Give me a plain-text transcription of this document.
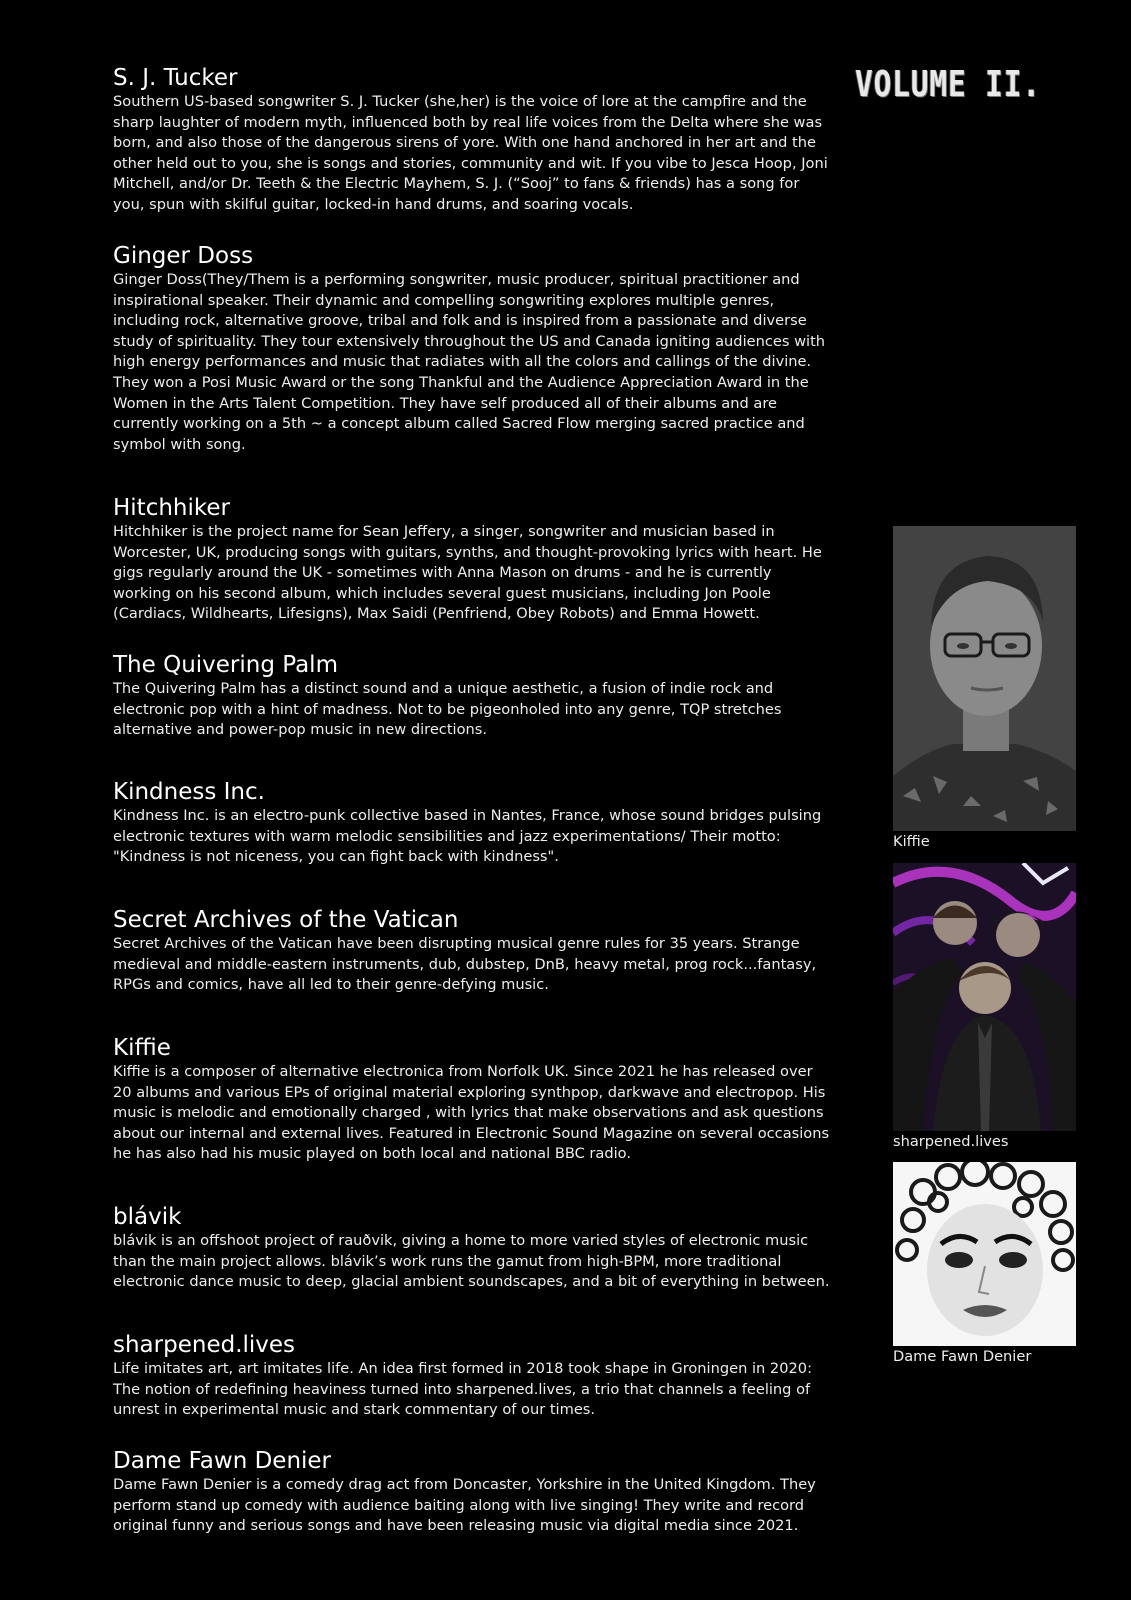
VOLUME II.
S. J. Tucker

Southern US-based songwriter S. J. Tucker (she,her) is the voice of lore at the campfire and the sharp laughter of modern myth, influenced both by real life voices from the Delta where she was born, and also those of the dangerous sirens of yore. With one hand anchored in her art and the other held out to you, she is songs and stories, community and wit. If you vibe to Jesca Hoop, Joni Mitchell, and/or Dr. Teeth & the Electric Mayhem, S. J. (“Sooj” to fans & friends) has a song for you, spun with skilful guitar, locked-in hand drums, and soaring vocals.

Ginger Doss

Ginger Doss(They/Them is a performing songwriter, music producer, spiritual practitioner and inspirational speaker. Their dynamic and compelling songwriting explores multiple genres, including rock, alternative groove, tribal and folk and is inspired from a passionate and diverse study of spirituality. They tour extensively throughout the US and Canada igniting audiences with high energy performances and music that radiates with all the colors and callings of the divine. They won a Posi Music Award or the song Thankful and the Audience Appreciation Award in the Women in the Arts Talent Competition. They have self produced all of their albums and are currently working on a 5th ~ a concept album called Sacred Flow merging sacred practice and symbol with song.

Hitchhiker

Hitchhiker is the project name for Sean Jeffery, a singer, songwriter and musician based in Worcester, UK, producing songs with guitars, synths, and thought-provoking lyrics with heart. He gigs regularly around the UK - sometimes with Anna Mason on drums - and he is currently working on his second album, which includes several guest musicians, including Jon Poole (Cardiacs, Wildhearts, Lifesigns), Max Saidi (Penfriend, Obey Robots) and Emma Howett.

The Quivering Palm

The Quivering Palm has a distinct sound and a unique aesthetic, a fusion of indie rock and electronic pop with a hint of madness. Not to be pigeonholed into any genre, TQP stretches alternative and power-pop music in new directions.

Kindness Inc.

Kindness Inc. is an electro-punk collective based in Nantes, France, whose sound bridges pulsing electronic textures with warm melodic sensibilities and jazz experimentations/ Their motto: "Kindness is not niceness, you can fight back with kindness".

Secret Archives of the Vatican

Secret Archives of the Vatican have been disrupting musical genre rules for 35 years. Strange medieval and middle-eastern instruments, dub, dubstep, DnB, heavy metal, prog rock...fantasy, RPGs and comics, have all led to their genre-defying music.

Kiffie

Kiffie is a composer of alternative electronica from Norfolk UK. Since 2021 he has released over 20 albums and various EPs of original material exploring synthpop, darkwave and electropop. His music is melodic and emotionally charged , with lyrics that make observations and ask questions about our internal and external lives. Featured in Electronic Sound Magazine on several occasions he has also had his music played on both local and national BBC radio.

blávik

blávik is an offshoot project of rauðvik, giving a home to more varied styles of electronic music than the main project allows. blávik’s work runs the gamut from high-BPM, more traditional electronic dance music to deep, glacial ambient soundscapes, and a bit of everything in between.

sharpened.lives

Life imitates art, art imitates life. An idea first formed in 2018 took shape in Groningen in 2020: The notion of redefining heaviness turned into sharpened.lives, a trio that channels a feeling of unrest in experimental music and stark commentary of our times.

Dame Fawn Denier

Dame Fawn Denier is a comedy drag act from Doncaster, Yorkshire in the United Kingdom. They perform stand up comedy with audience baiting along with live singing! They write and record original funny and serious songs and have been releasing music via digital media since 2021.

Kiffie
sharpened.lives
Dame Fawn Denier
